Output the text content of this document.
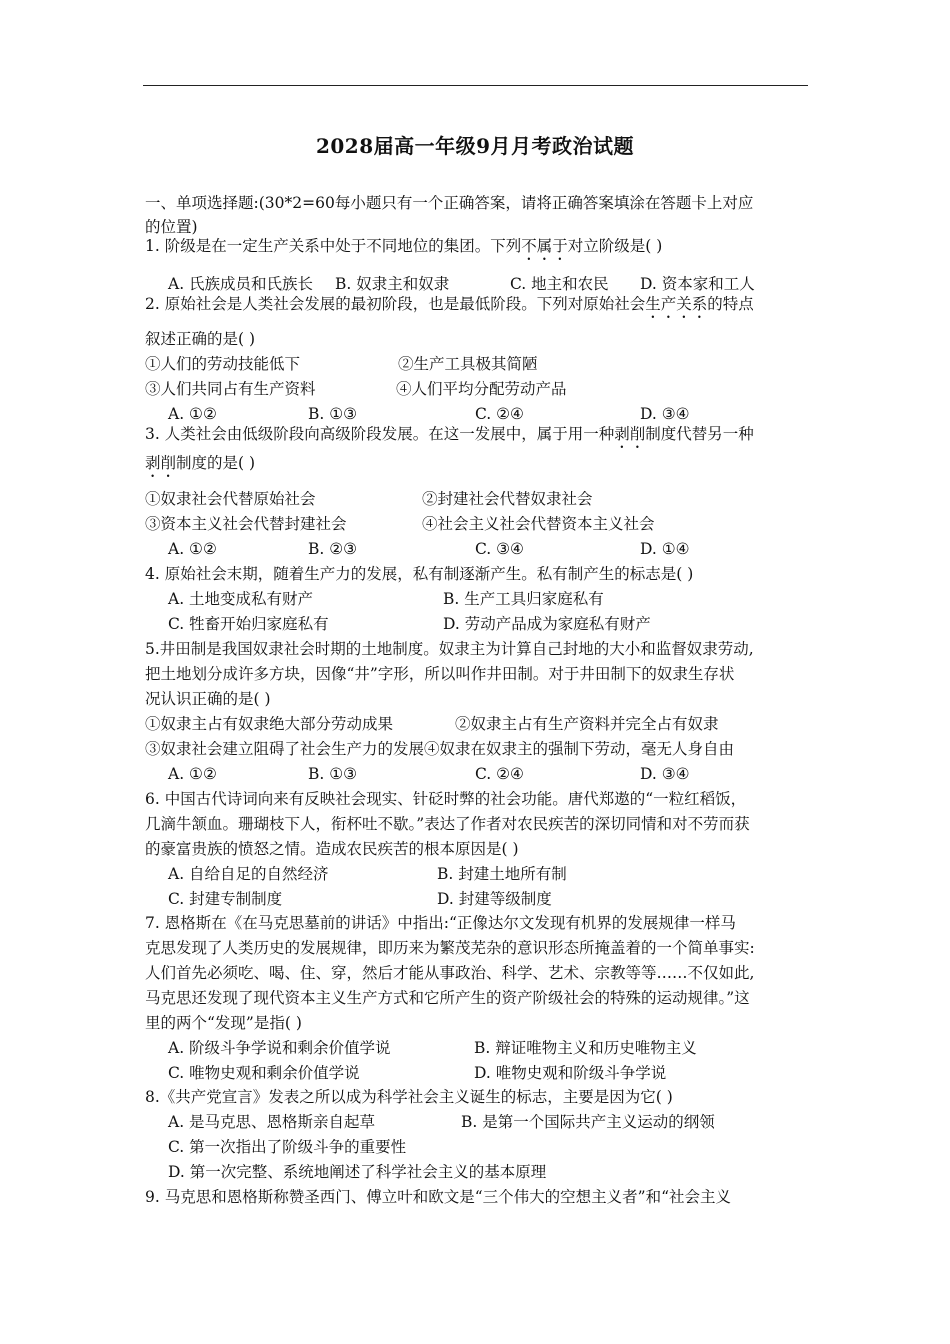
2028届高一年级9月月考政治试题
一、单项选择题:(30*2=60每小题只有一个正确答案，请将正确答案填涂在答题卡上对应
的位置)
1. 阶级是在一定生产关系中处于不同地位的集团。下列不属于对立阶级是( )
A. 氏族成员和氏族长 B. 奴隶主和奴隶	C. 地主和农民 D. 资本家和工人
2. 原始社会是人类社会发展的最初阶段，也是最低阶段。下列对原始社会生产关系的特点
叙述正确的是( )
①人们的劳动技能低下	②生产工具极其简陋
③人们共同占有生产资料	④人们平均分配劳动产品
A. ①②	B. ①③	C. ②④	D. ③④
3. 人类社会由低级阶段向高级阶段发展。在这一发展中，属于用一种剥削制度代替另一种
剥削制度的是( )
①奴隶社会代替原始社会	②封建社会代替奴隶社会
③资本主义社会代替封建社会	④社会主义社会代替资本主义社会
A. ①②	B. ②③	C. ③④	D. ①④
4. 原始社会末期，随着生产力的发展，私有制逐渐产生。私有制产生的标志是( )
A. 土地变成私有财产	B. 生产工具归家庭私有
C. 牲畜开始归家庭私有	D. 劳动产品成为家庭私有财产
5.井田制是我国奴隶社会时期的土地制度。奴隶主为计算自己封地的大小和监督奴隶劳动,
把土地划分成许多方块，因像“井”字形，所以叫作井田制。对于井田制下的奴隶生存状
况认识正确的是( )
①奴隶主占有奴隶绝大部分劳动成果	②奴隶主占有生产资料并完全占有奴隶
③奴隶社会建立阻碍了社会生产力的发展④奴隶在奴隶主的强制下劳动，毫无人身自由
A. ①②	B. ①③	C. ②④	D. ③④
6. 中国古代诗词向来有反映社会现实、针砭时弊的社会功能。唐代郑遨的“一粒红稻饭，
几滴牛颔血。珊瑚枝下人，衔杯吐不歇。”表达了作者对农民疾苦的深切同情和对不劳而获
的豪富贵族的愤怒之情。造成农民疾苦的根本原因是( )
A. 自给自足的自然经济	B. 封建土地所有制
C. 封建专制制度	D. 封建等级制度
7. 恩格斯在《在马克思墓前的讲话》中指出:“正像达尔文发现有机界的发展规律一样马
克思发现了人类历史的发展规律，即历来为繁茂芜杂的意识形态所掩盖着的一个简单事实:
人们首先必须吃、喝、住、穿，然后才能从事政治、科学、艺术、宗教等等……不仅如此,
马克思还发现了现代资本主义生产方式和它所产生的资产阶级社会的特殊的运动规律。”这
里的两个“发现”是指( )
A. 阶级斗争学说和剩余价值学说	B. 辩证唯物主义和历史唯物主义
C. 唯物史观和剩余价值学说	D. 唯物史观和阶级斗争学说
8.《共产党宣言》发表之所以成为科学社会主义诞生的标志，主要是因为它( )
A. 是马克思、恩格斯亲自起草	B. 是第一个国际共产主义运动的纲领
C. 第一次指出了阶级斗争的重要性
D. 第一次完整、系统地阐述了科学社会主义的基本原理
9. 马克思和恩格斯称赞圣西门、傅立叶和欧文是“三个伟大的空想主义者”和“社会主义
